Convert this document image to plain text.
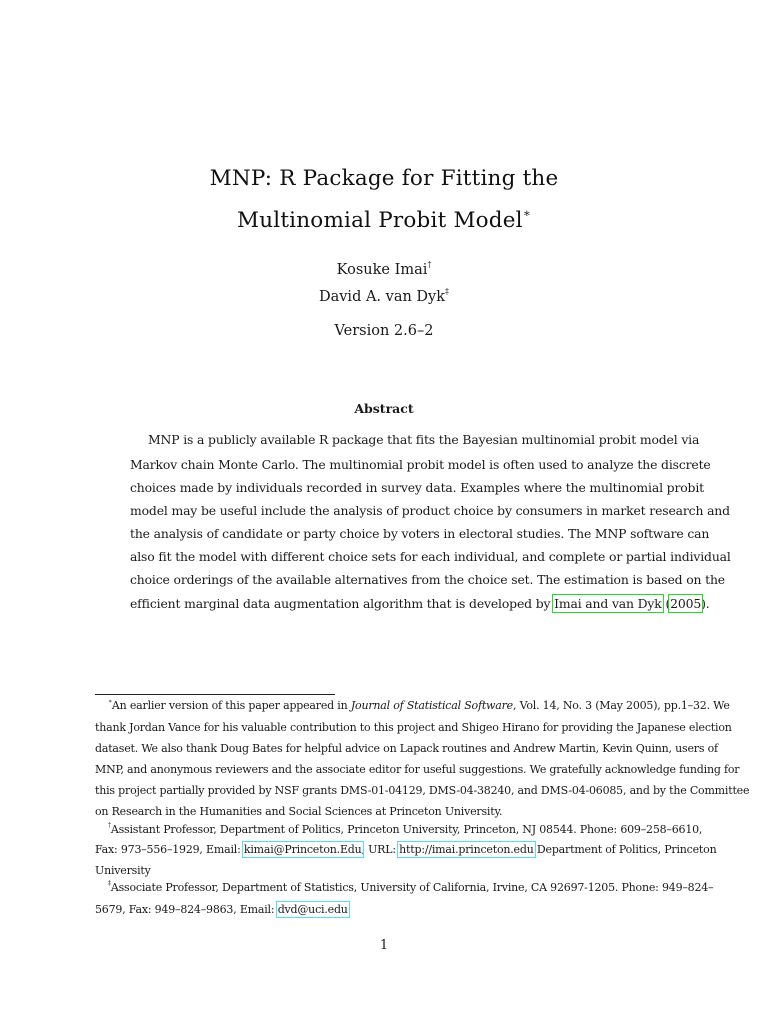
MNP: R Package for Fitting the
Multinomial Probit Model∗
Kosuke Imai†
David A. van Dyk‡
Version 2.6–2
Abstract
MNP is a publicly available R package that fits the Bayesian multinomial probit model via
Markov chain Monte Carlo. The multinomial probit model is often used to analyze the discrete
choices made by individuals recorded in survey data. Examples where the multinomial probit
model may be useful include the analysis of product choice by consumers in market research and
the analysis of candidate or party choice by voters in electoral studies. The MNP software can
also fit the model with different choice sets for each individual, and complete or partial individual
choice orderings of the available alternatives from the choice set. The estimation is based on the
efficient marginal data augmentation algorithm that is developed by Imai and van Dyk (2005).
∗An earlier version of this paper appeared in Journal of Statistical Software, Vol. 14, No. 3 (May 2005), pp.1–32. We
thank Jordan Vance for his valuable contribution to this project and Shigeo Hirano for providing the Japanese election
dataset. We also thank Doug Bates for helpful advice on Lapack routines and Andrew Martin, Kevin Quinn, users of
MNP, and anonymous reviewers and the associate editor for useful suggestions. We gratefully acknowledge funding for
this project partially provided by NSF grants DMS-01-04129, DMS-04-38240, and DMS-04-06085, and by the Committee
on Research in the Humanities and Social Sciences at Princeton University.
†Assistant Professor, Department of Politics, Princeton University, Princeton, NJ 08544. Phone: 609–258–6610,
Fax: 973–556–1929, Email: kimai@Princeton.Edu, URL: http://imai.princeton.edu Department of Politics, Princeton
University
‡Associate Professor, Department of Statistics, University of California, Irvine, CA 92697-1205. Phone: 949–824–
5679, Fax: 949–824–9863, Email: dvd@uci.edu
1
